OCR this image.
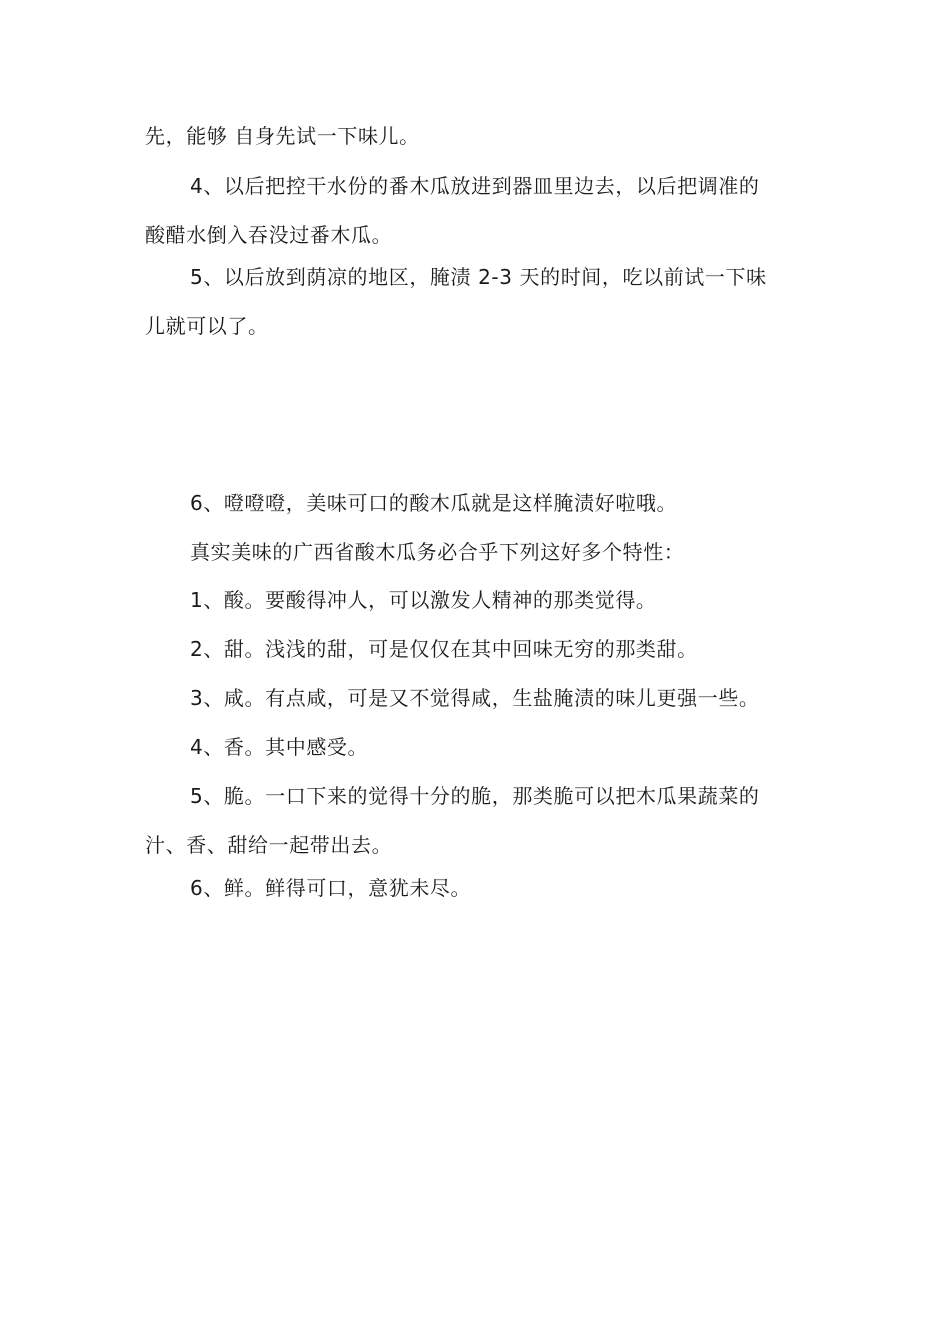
先，能够 自身先试一下味儿。
4、以后把控干水份的番木瓜放进到器皿里边去，以后把调准的
酸醋水倒入吞没过番木瓜。
5、以后放到荫凉的地区，腌渍 2-3 天的时间，吃以前试一下味
儿就可以了。
6、噔噔噔，美味可口的酸木瓜就是这样腌渍好啦哦。
真实美味的广西省酸木瓜务必合乎下列这好多个特性：
1、酸。要酸得冲人，可以激发人精神的那类觉得。
2、甜。浅浅的甜，可是仅仅在其中回味无穷的那类甜。
3、咸。有点咸，可是又不觉得咸，生盐腌渍的味儿更强一些。
4、香。其中感受。
5、脆。一口下来的觉得十分的脆，那类脆可以把木瓜果蔬菜的
汁、香、甜给一起带出去。
6、鲜。鲜得可口，意犹未尽。
